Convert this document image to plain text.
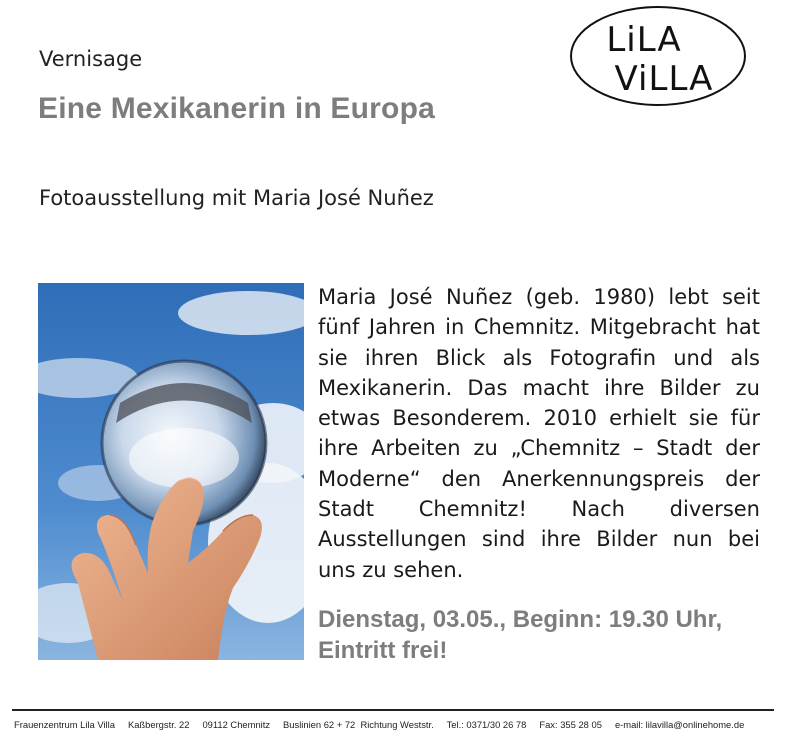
Vernisage
Eine Mexikanerin in Europa
Fotoausstellung mit Maria José Nuñez
LiLA
ViLLA
Maria José Nuñez (geb. 1980) lebt seit fünf Jahren in Chemnitz. Mitgebracht hat sie ihren Blick als Fotografin und als Mexikanerin. Das macht ihre Bilder zu etwas Besonderem. 2010 erhielt sie für ihre Arbeiten zu „Chemnitz – Stadt der Moderne“ den Anerkennungspreis der Stadt Chemnitz! Nach diversen Ausstellungen sind ihre Bilder nun bei uns zu sehen.
Dienstag, 03.05., Beginn: 19.30 Uhr,
Eintritt frei!
Frauenzentrum Lila Villa     Kaßbergstr. 22     09112 Chemnitz     Buslinien 62 + 72  Richtung Weststr.     Tel.: 0371/30 26 78     Fax: 355 28 05     e-mail: lilavilla@onlinehome.de
